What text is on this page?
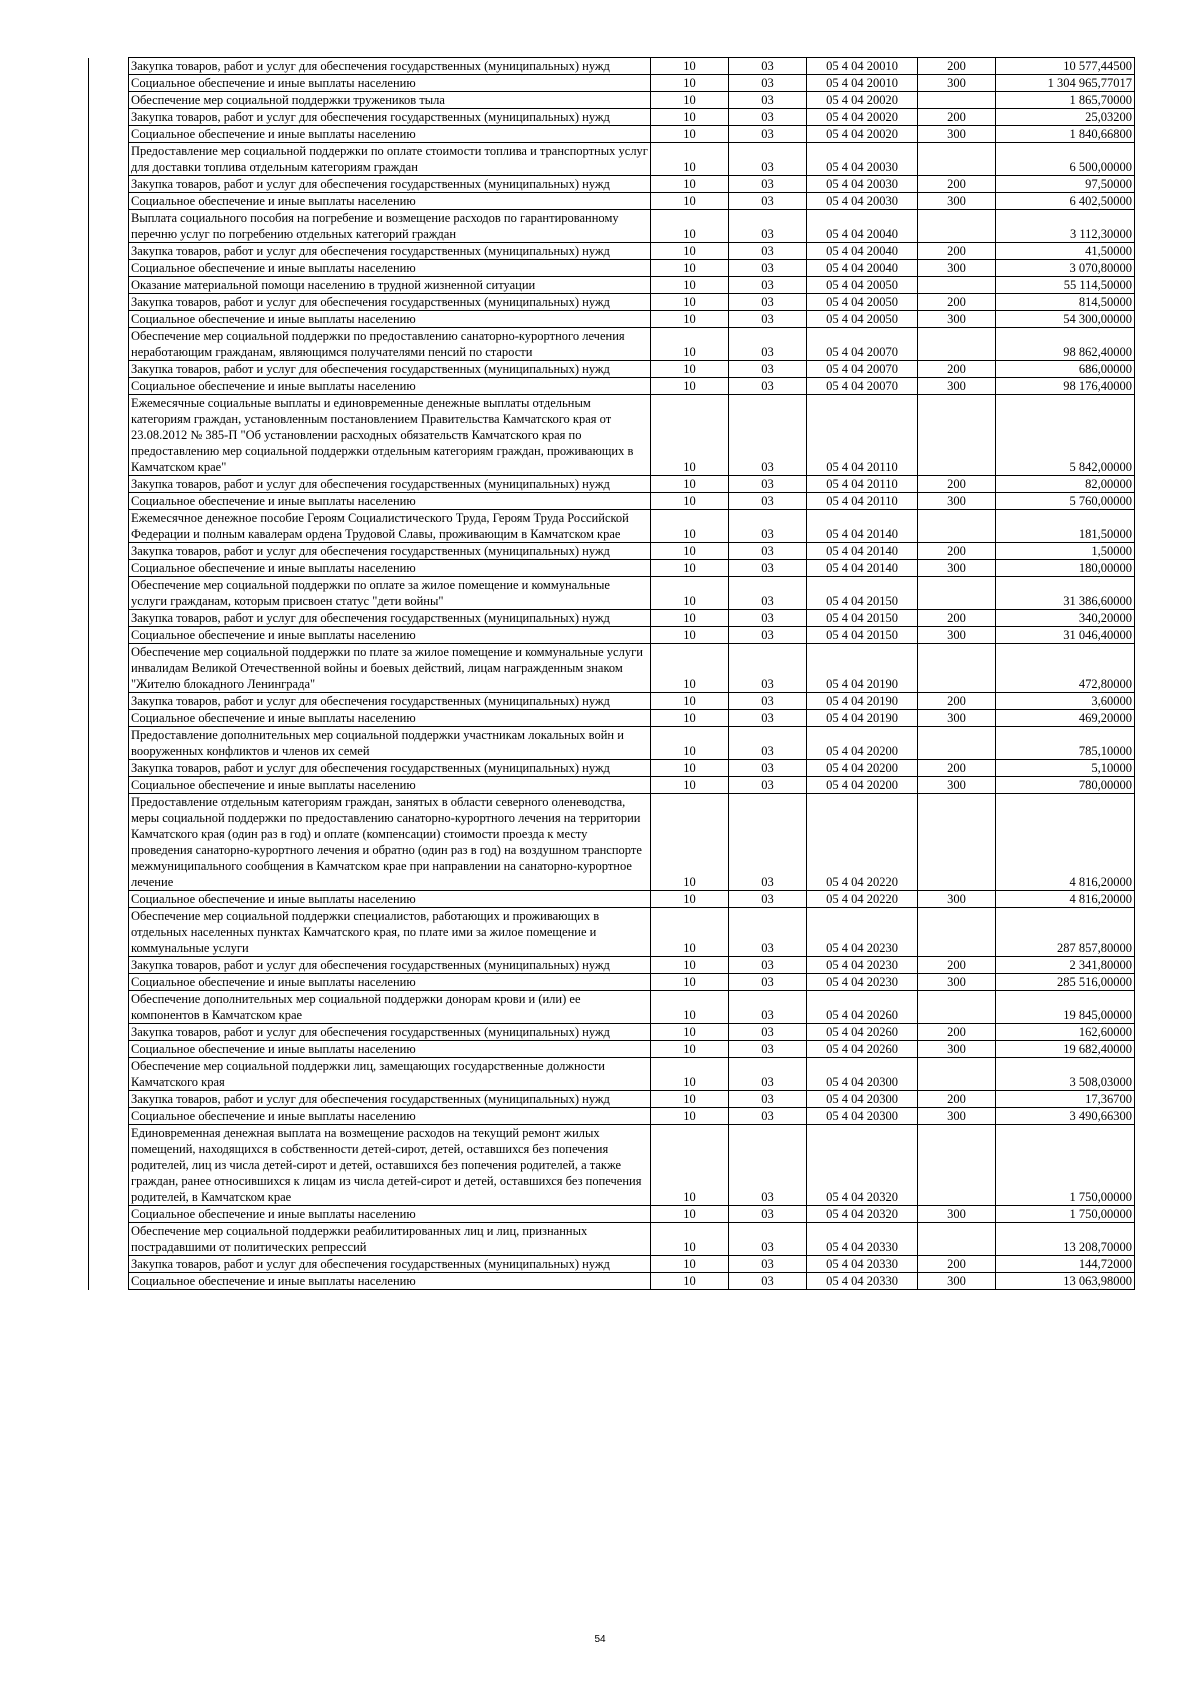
	Закупка товаров, работ и услуг для обеспечения государственных (муниципальных) нужд	10	03	05 4 04 20010	200	10 577,44500
	Социальное обеспечение и иные выплаты населению	10	03	05 4 04 20010	300	1 304 965,77017
	Обеспечение мер социальной поддержки тружеников тыла	10	03	05 4 04 20020		1 865,70000
	Закупка товаров, работ и услуг для обеспечения государственных (муниципальных) нужд	10	03	05 4 04 20020	200	25,03200
	Социальное обеспечение и иные выплаты населению	10	03	05 4 04 20020	300	1 840,66800
	Предоставление мер социальной поддержки по оплате стоимости топлива и транспортных услуг для доставки топлива отдельным категориям граждан	10	03	05 4 04 20030		6 500,00000
	Закупка товаров, работ и услуг для обеспечения государственных (муниципальных) нужд	10	03	05 4 04 20030	200	97,50000
	Социальное обеспечение и иные выплаты населению	10	03	05 4 04 20030	300	6 402,50000
	Выплата социального пособия на погребение и возмещение расходов по гарантированному перечню услуг по погребению отдельных категорий граждан	10	03	05 4 04 20040		3 112,30000
	Закупка товаров, работ и услуг для обеспечения государственных (муниципальных) нужд	10	03	05 4 04 20040	200	41,50000
	Социальное обеспечение и иные выплаты населению	10	03	05 4 04 20040	300	3 070,80000
	Оказание материальной помощи населению в трудной жизненной ситуации	10	03	05 4 04 20050		55 114,50000
	Закупка товаров, работ и услуг для обеспечения государственных (муниципальных) нужд	10	03	05 4 04 20050	200	814,50000
	Социальное обеспечение и иные выплаты населению	10	03	05 4 04 20050	300	54 300,00000
	Обеспечение мер социальной поддержки по предоставлению санаторно-курортного лечения неработающим гражданам, являющимся получателями пенсий по старости	10	03	05 4 04 20070		98 862,40000
	Закупка товаров, работ и услуг для обеспечения государственных (муниципальных) нужд	10	03	05 4 04 20070	200	686,00000
	Социальное обеспечение и иные выплаты населению	10	03	05 4 04 20070	300	98 176,40000
	Ежемесячные социальные выплаты и единовременные денежные выплаты отдельным категориям граждан, установленным постановлением Правительства Камчатского края от 23.08.2012 № 385-П "Об установлении расходных обязательств Камчатского края по предоставлению мер социальной поддержки отдельным категориям граждан, проживающих в Камчатском крае"	10	03	05 4 04 20110		5 842,00000
	Закупка товаров, работ и услуг для обеспечения государственных (муниципальных) нужд	10	03	05 4 04 20110	200	82,00000
	Социальное обеспечение и иные выплаты населению	10	03	05 4 04 20110	300	5 760,00000
	Ежемесячное денежное пособие Героям Социалистического Труда, Героям Труда Российской Федерации и полным кавалерам ордена Трудовой Славы, проживающим в Камчатском крае	10	03	05 4 04 20140		181,50000
	Закупка товаров, работ и услуг для обеспечения государственных (муниципальных) нужд	10	03	05 4 04 20140	200	1,50000
	Социальное обеспечение и иные выплаты населению	10	03	05 4 04 20140	300	180,00000
	Обеспечение мер социальной поддержки по оплате за жилое помещение и коммунальные услуги гражданам, которым присвоен статус "дети войны"	10	03	05 4 04 20150		31 386,60000
	Закупка товаров, работ и услуг для обеспечения государственных (муниципальных) нужд	10	03	05 4 04 20150	200	340,20000
	Социальное обеспечение и иные выплаты населению	10	03	05 4 04 20150	300	31 046,40000
	Обеспечение мер социальной поддержки по плате за жилое помещение и коммунальные услуги инвалидам Великой Отечественной войны и боевых действий, лицам награжденным знаком "Жителю блокадного Ленинграда"	10	03	05 4 04 20190		472,80000
	Закупка товаров, работ и услуг для обеспечения государственных (муниципальных) нужд	10	03	05 4 04 20190	200	3,60000
	Социальное обеспечение и иные выплаты населению	10	03	05 4 04 20190	300	469,20000
	Предоставление дополнительных мер социальной поддержки участникам локальных войн и вооруженных конфликтов и членов их семей	10	03	05 4 04 20200		785,10000
	Закупка товаров, работ и услуг для обеспечения государственных (муниципальных) нужд	10	03	05 4 04 20200	200	5,10000
	Социальное обеспечение и иные выплаты населению	10	03	05 4 04 20200	300	780,00000
	Предоставление отдельным категориям граждан, занятых в области северного оленеводства, меры социальной поддержки по предоставлению санаторно-курортного лечения на территории Камчатского края (один раз в год) и оплате (компенсации) стоимости проезда к месту проведения санаторно-курортного лечения и обратно (один раз в год) на воздушном транспорте межмуниципального сообщения в Камчатском крае при направлении на санаторно-курортное лечение	10	03	05 4 04 20220		4 816,20000
	Социальное обеспечение и иные выплаты населению	10	03	05 4 04 20220	300	4 816,20000
	Обеспечение мер социальной поддержки специалистов, работающих и проживающих в отдельных населенных пунктах Камчатского края, по плате ими за жилое помещение и коммунальные услуги	10	03	05 4 04 20230		287 857,80000
	Закупка товаров, работ и услуг для обеспечения государственных (муниципальных) нужд	10	03	05 4 04 20230	200	2 341,80000
	Социальное обеспечение и иные выплаты населению	10	03	05 4 04 20230	300	285 516,00000
	Обеспечение дополнительных мер социальной поддержки донорам крови и (или) ее компонентов в Камчатском крае	10	03	05 4 04 20260		19 845,00000
	Закупка товаров, работ и услуг для обеспечения государственных (муниципальных) нужд	10	03	05 4 04 20260	200	162,60000
	Социальное обеспечение и иные выплаты населению	10	03	05 4 04 20260	300	19 682,40000
	Обеспечение мер социальной поддержки лиц, замещающих государственные должности Камчатского края	10	03	05 4 04 20300		3 508,03000
	Закупка товаров, работ и услуг для обеспечения государственных (муниципальных) нужд	10	03	05 4 04 20300	200	17,36700
	Социальное обеспечение и иные выплаты населению	10	03	05 4 04 20300	300	3 490,66300
	Единовременная денежная выплата на возмещение расходов на текущий ремонт жилых помещений, находящихся в собственности детей-сирот, детей, оставшихся без попечения родителей, лиц из числа детей-сирот и детей, оставшихся без попечения родителей, а также граждан, ранее относившихся к лицам из числа детей-сирот и детей, оставшихся без попечения родителей, в Камчатском крае	10	03	05 4 04 20320		1 750,00000
	Социальное обеспечение и иные выплаты населению	10	03	05 4 04 20320	300	1 750,00000
	Обеспечение мер социальной поддержки реабилитированных лиц и лиц, признанных пострадавшими от политических репрессий	10	03	05 4 04 20330		13 208,70000
	Закупка товаров, работ и услуг для обеспечения государственных (муниципальных) нужд	10	03	05 4 04 20330	200	144,72000
	Социальное обеспечение и иные выплаты населению	10	03	05 4 04 20330	300	13 063,98000
54
